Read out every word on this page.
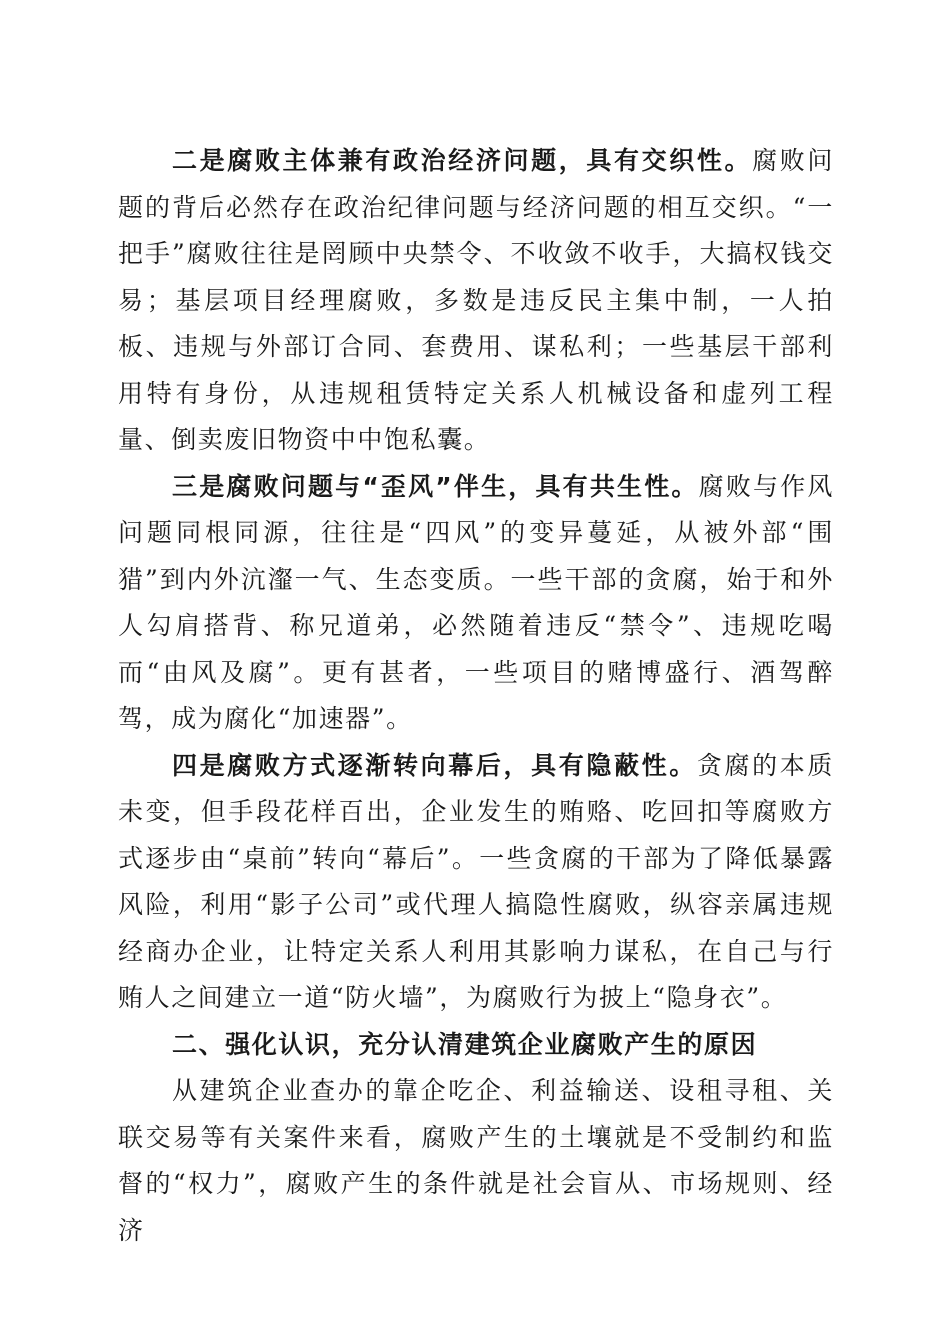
二是腐败主体兼有政治经济问题，具有交织性。腐败问题的背后必然存在政治纪律问题与经济问题的相互交织。“一把手”腐败往往是罔顾中央禁令、不收敛不收手，大搞权钱交易；基层项目经理腐败，多数是违反民主集中制，一人拍板、违规与外部订合同、套费用、谋私利；一些基层干部利用特有身份，从违规租赁特定关系人机械设备和虚列工程量、倒卖废旧物资中中饱私囊。

三是腐败问题与“歪风”伴生，具有共生性。腐败与作风问题同根同源，往往是“四风”的变异蔓延，从被外部“围猎”到内外沆瀣一气、生态变质。一些干部的贪腐，始于和外人勾肩搭背、称兄道弟，必然随着违反“禁令”、违规吃喝而“由风及腐”。更有甚者，一些项目的赌博盛行、酒驾醉驾，成为腐化“加速器”。

四是腐败方式逐渐转向幕后，具有隐蔽性。贪腐的本质未变，但手段花样百出，企业发生的贿赂、吃回扣等腐败方式逐步由“桌前”转向“幕后”。一些贪腐的干部为了降低暴露风险，利用“影子公司”或代理人搞隐性腐败，纵容亲属违规经商办企业，让特定关系人利用其影响力谋私，在自己与行贿人之间建立一道“防火墙”，为腐败行为披上“隐身衣”。

二、强化认识，充分认清建筑企业腐败产生的原因

从建筑企业查办的靠企吃企、利益输送、设租寻租、关联交易等有关案件来看，腐败产生的土壤就是不受制约和监督的“权力”，腐败产生的条件就是社会盲从、市场规则、经济
